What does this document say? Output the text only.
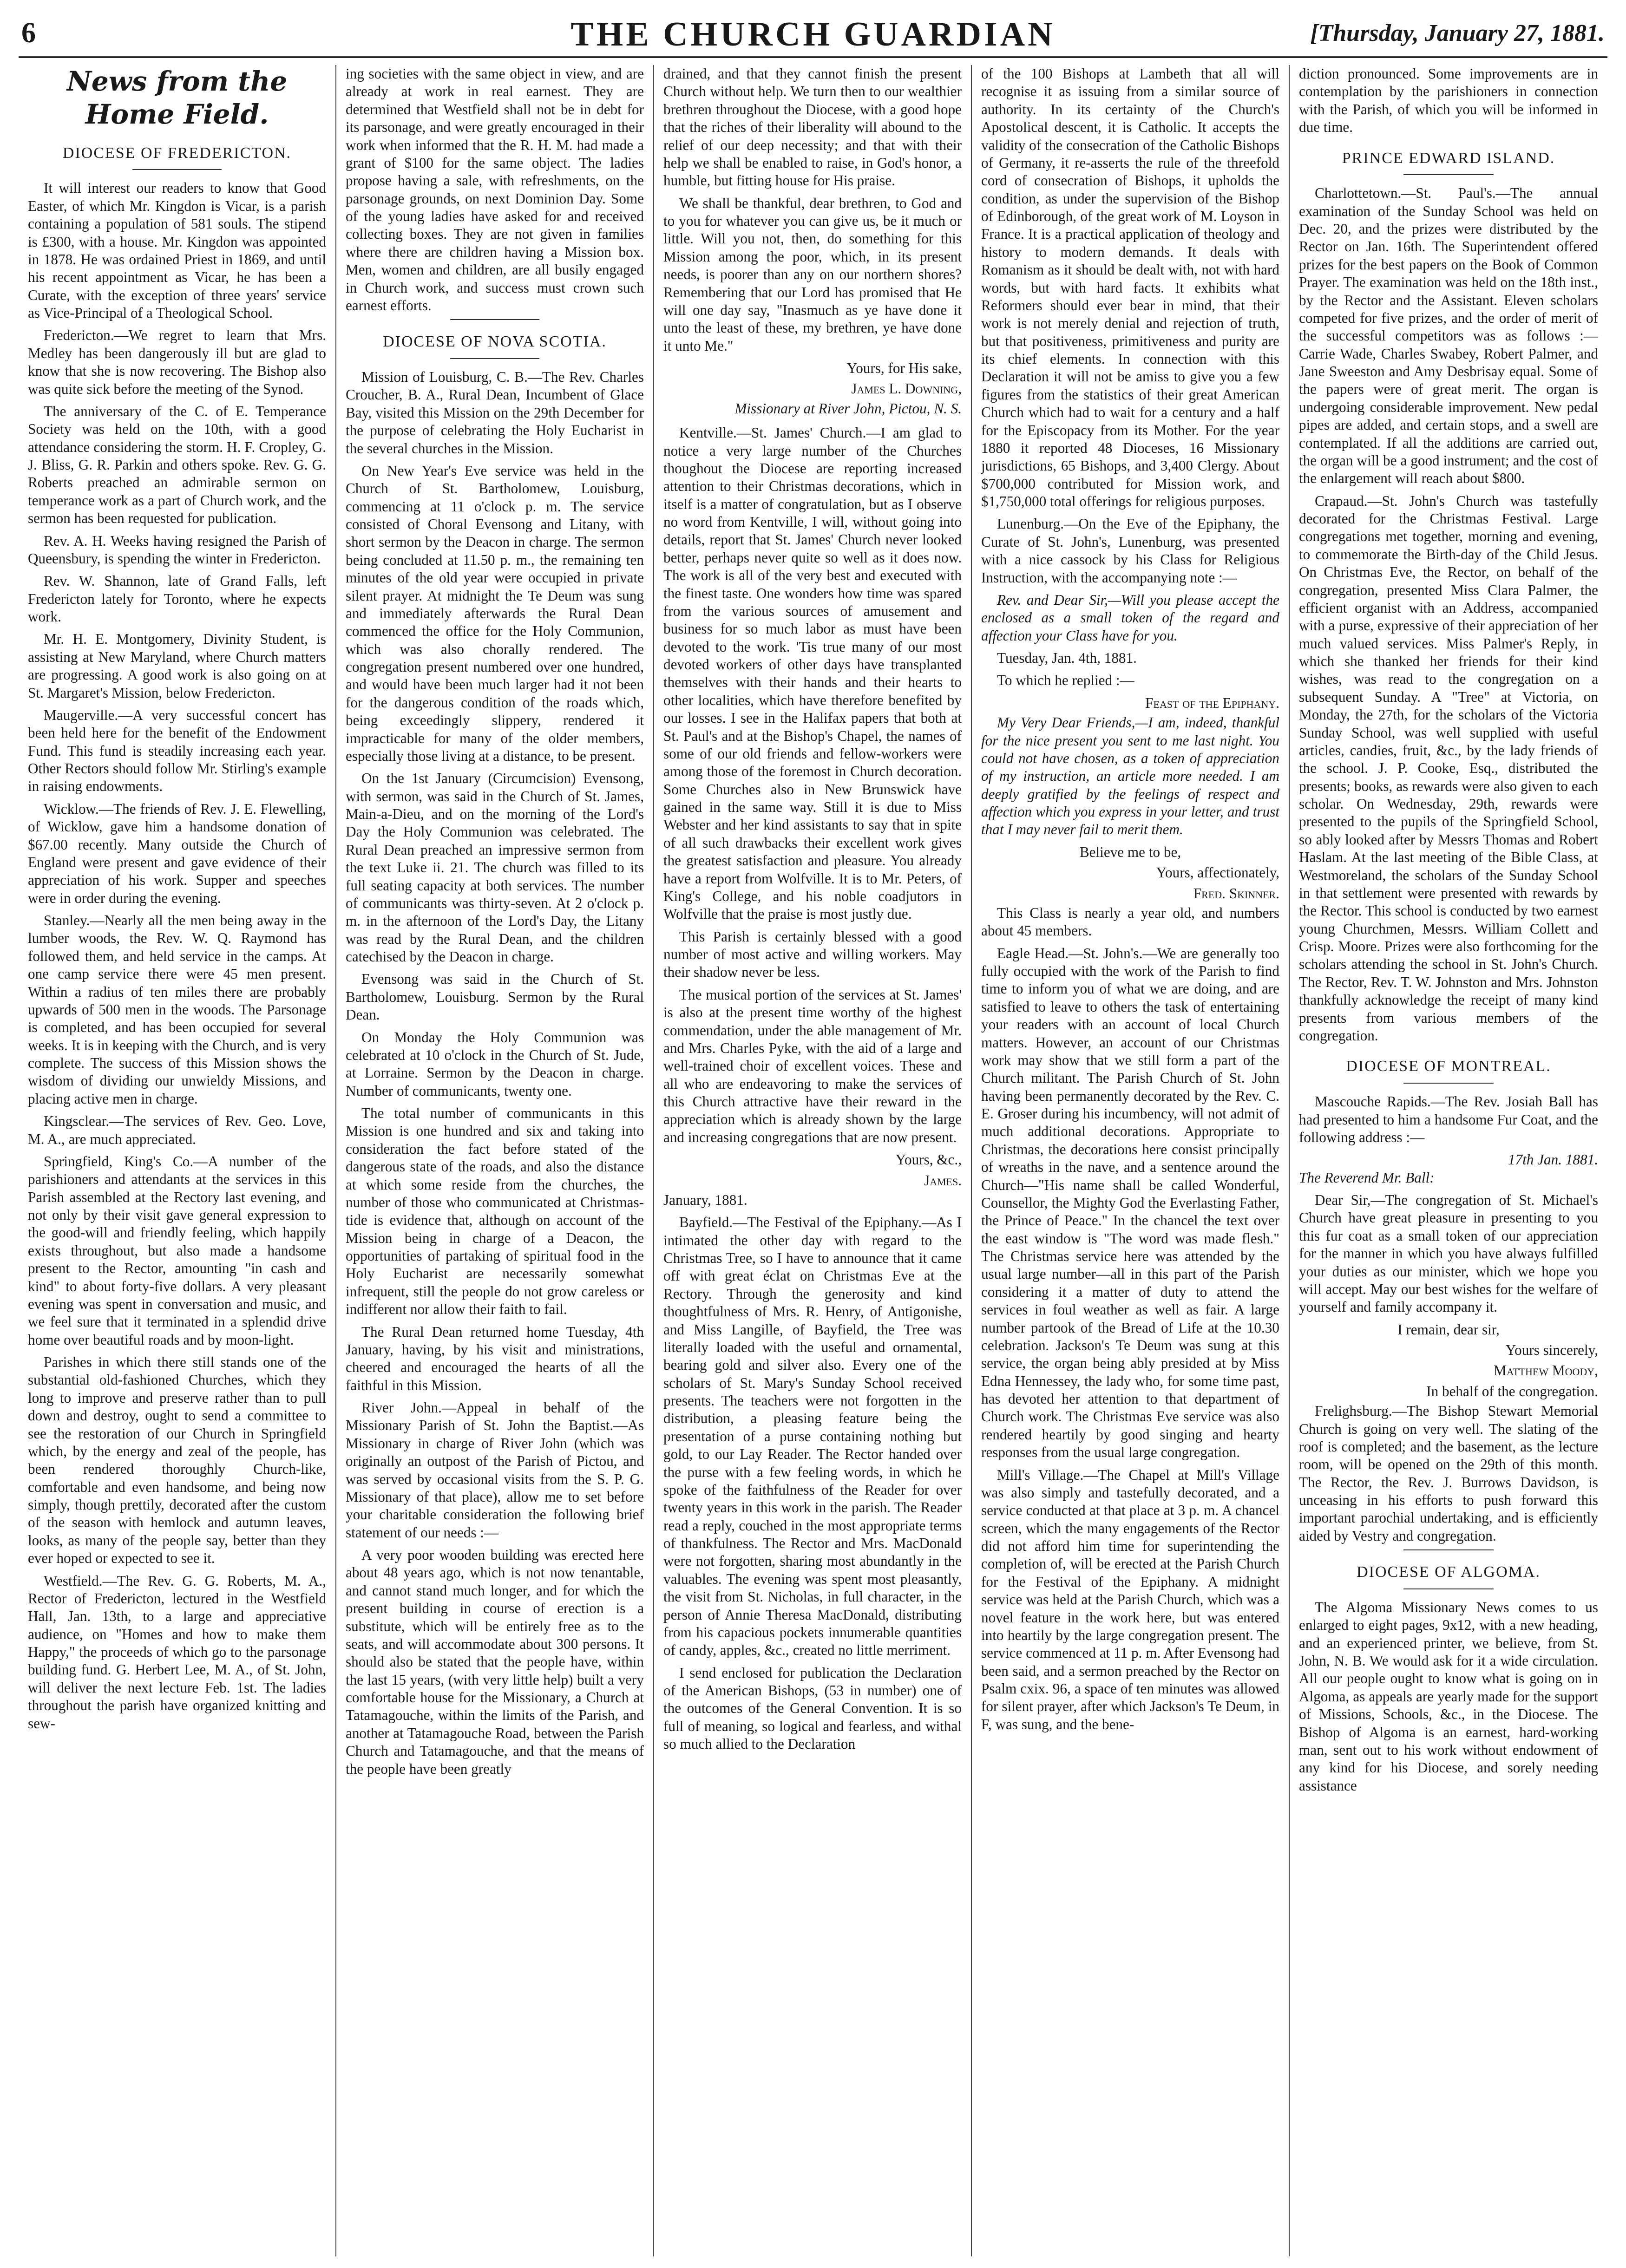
6	THE CHURCH GUARDIAN	[Thursday, January 27, 1881.
News from the Home Field.
DIOCESE OF FREDERICTON.

It will interest our readers to know that Good Easter, of which Mr. Kingdon is Vicar, is a parish containing a population of 581 souls. The stipend is £300, with a house. Mr. Kingdon was appointed in 1878. He was ordained Priest in 1869, and until his recent appointment as Vicar, he has been a Curate, with the exception of three years' service as Vice-Principal of a Theological School.

Fredericton.—We regret to learn that Mrs. Medley has been dangerously ill but are glad to know that she is now recovering. The Bishop also was quite sick before the meeting of the Synod.

The anniversary of the C. of E. Temperance Society was held on the 10th, with a good attendance considering the storm. H. F. Cropley, G. J. Bliss, G. R. Parkin and others spoke. Rev. G. G. Roberts preached an admirable sermon on temperance work as a part of Church work, and the sermon has been requested for publication.

Rev. A. H. Weeks having resigned the Parish of Queensbury, is spending the winter in Fredericton.

Rev. W. Shannon, late of Grand Falls, left Fredericton lately for Toronto, where he expects work.

Mr. H. E. Montgomery, Divinity Student, is assisting at New Maryland, where Church matters are progressing. A good work is also going on at St. Margaret's Mission, below Fredericton.

Maugerville.—A very successful concert has been held here for the benefit of the Endowment Fund. This fund is steadily increasing each year. Other Rectors should follow Mr. Stirling's example in raising endowments.

Wicklow.—The friends of Rev. J. E. Flewelling, of Wicklow, gave him a handsome donation of $67.00 recently. Many outside the Church of England were present and gave evidence of their appreciation of his work. Supper and speeches were in order during the evening.

Stanley.—Nearly all the men being away in the lumber woods, the Rev. W. Q. Raymond has followed them, and held service in the camps. At one camp service there were 45 men present. Within a radius of ten miles there are probably upwards of 500 men in the woods. The Parsonage is completed, and has been occupied for several weeks. It is in keeping with the Church, and is very complete. The success of this Mission shows the wisdom of dividing our unwieldy Missions, and placing active men in charge.

Kingsclear.—The services of Rev. Geo. Love, M. A., are much appreciated.

Springfield, King's Co.—A number of the parishioners and attendants at the services in this Parish assembled at the Rectory last evening, and not only by their visit gave general expression to the good-will and friendly feeling, which happily exists throughout, but also made a handsome present to the Rector, amounting "in cash and kind" to about forty-five dollars. A very pleasant evening was spent in conversation and music, and we feel sure that it terminated in a splendid drive home over beautiful roads and by moon-light.

Parishes in which there still stands one of the substantial old-fashioned Churches, which they long to improve and preserve rather than to pull down and destroy, ought to send a committee to see the restoration of our Church in Springfield which, by the energy and zeal of the people, has been rendered thoroughly Church-like, comfortable and even handsome, and being now simply, though prettily, decorated after the custom of the season with hemlock and autumn leaves, looks, as many of the people say, better than they ever hoped or expected to see it.

Westfield.—The Rev. G. G. Roberts, M. A., Rector of Fredericton, lectured in the Westfield Hall, Jan. 13th, to a large and appreciative audience, on "Homes and how to make them Happy," the proceeds of which go to the parsonage building fund. G. Herbert Lee, M. A., of St. John, will deliver the next lecture Feb. 1st. The ladies throughout the parish have organized knitting and sew-

ing societies with the same object in view, and are already at work in real earnest. They are determined that Westfield shall not be in debt for its parsonage, and were greatly encouraged in their work when informed that the R. H. M. had made a grant of $100 for the same object. The ladies propose having a sale, with refreshments, on the parsonage grounds, on next Dominion Day. Some of the young ladies have asked for and received collecting boxes. They are not given in families where there are children having a Mission box. Men, women and children, are all busily engaged in Church work, and success must crown such earnest efforts.

DIOCESE OF NOVA SCOTIA.

Mission of Louisburg, C. B.—The Rev. Charles Croucher, B. A., Rural Dean, Incumbent of Glace Bay, visited this Mission on the 29th December for the purpose of celebrating the Holy Eucharist in the several churches in the Mission.

On New Year's Eve service was held in the Church of St. Bartholomew, Louisburg, commencing at 11 o'clock p. m. The service consisted of Choral Evensong and Litany, with short sermon by the Deacon in charge. The sermon being concluded at 11.50 p. m., the remaining ten minutes of the old year were occupied in private silent prayer. At midnight the Te Deum was sung and immediately afterwards the Rural Dean commenced the office for the Holy Communion, which was also chorally rendered. The congregation present numbered over one hundred, and would have been much larger had it not been for the dangerous condition of the roads which, being exceedingly slippery, rendered it impracticable for many of the older members, especially those living at a distance, to be present.

On the 1st January (Circumcision) Evensong, with sermon, was said in the Church of St. James, Main-a-Dieu, and on the morning of the Lord's Day the Holy Communion was celebrated. The Rural Dean preached an impressive sermon from the text Luke ii. 21. The church was filled to its full seating capacity at both services. The number of communicants was thirty-seven. At 2 o'clock p. m. in the afternoon of the Lord's Day, the Litany was read by the Rural Dean, and the children catechised by the Deacon in charge.

Evensong was said in the Church of St. Bartholomew, Louisburg. Sermon by the Rural Dean.

On Monday the Holy Communion was celebrated at 10 o'clock in the Church of St. Jude, at Lorraine. Sermon by the Deacon in charge. Number of communicants, twenty one.

The total number of communicants in this Mission is one hundred and six and taking into consideration the fact before stated of the dangerous state of the roads, and also the distance at which some reside from the churches, the number of those who communicated at Christmas-tide is evidence that, although on account of the Mission being in charge of a Deacon, the opportunities of partaking of spiritual food in the Holy Eucharist are necessarily somewhat infrequent, still the people do not grow careless or indifferent nor allow their faith to fail.

The Rural Dean returned home Tuesday, 4th January, having, by his visit and ministrations, cheered and encouraged the hearts of all the faithful in this Mission.

River John.—Appeal in behalf of the Missionary Parish of St. John the Baptist.—As Missionary in charge of River John (which was originally an outpost of the Parish of Pictou, and was served by occasional visits from the S. P. G. Missionary of that place), allow me to set before your charitable consideration the following brief statement of our needs :—

A very poor wooden building was erected here about 48 years ago, which is not now tenantable, and cannot stand much longer, and for which the present building in course of erection is a substitute, which will be entirely free as to the seats, and will accommodate about 300 persons. It should also be stated that the people have, within the last 15 years, (with very little help) built a very comfortable house for the Missionary, a Church at Tatamagouche, within the limits of the Parish, and another at Tatamagouche Road, between the Parish Church and Tatamagouche, and that the means of the people have been greatly

drained, and that they cannot finish the present Church without help. We turn then to our wealthier brethren throughout the Diocese, with a good hope that the riches of their liberality will abound to the relief of our deep necessity; and that with their help we shall be enabled to raise, in God's honor, a humble, but fitting house for His praise.

We shall be thankful, dear brethren, to God and to you for whatever you can give us, be it much or little. Will you not, then, do something for this Mission among the poor, which, in its present needs, is poorer than any on our northern shores? Remembering that our Lord has promised that He will one day say, "Inasmuch as ye have done it unto the least of these, my brethren, ye have done it unto Me."

Yours, for His sake,
James L. Downing,
Missionary at River John, Pictou, N. S.

Kentville.—St. James' Church.—I am glad to notice a very large number of the Churches thoughout the Diocese are reporting increased attention to their Christmas decorations, which in itself is a matter of congratulation, but as I observe no word from Kentville, I will, without going into details, report that St. James' Church never looked better, perhaps never quite so well as it does now. The work is all of the very best and executed with the finest taste. One wonders how time was spared from the various sources of amusement and business for so much labor as must have been devoted to the work. 'Tis true many of our most devoted workers of other days have transplanted themselves with their hands and their hearts to other localities, which have therefore benefited by our losses. I see in the Halifax papers that both at St. Paul's and at the Bishop's Chapel, the names of some of our old friends and fellow-workers were among those of the foremost in Church decoration. Some Churches also in New Brunswick have gained in the same way. Still it is due to Miss Webster and her kind assistants to say that in spite of all such drawbacks their excellent work gives the greatest satisfaction and pleasure. You already have a report from Wolfville. It is to Mr. Peters, of King's College, and his noble coadjutors in Wolfville that the praise is most justly due.

This Parish is certainly blessed with a good number of most active and willing workers. May their shadow never be less.

The musical portion of the services at St. James' is also at the present time worthy of the highest commendation, under the able management of Mr. and Mrs. Charles Pyke, with the aid of a large and well-trained choir of excellent voices. These and all who are endeavoring to make the services of this Church attractive have their reward in the appreciation which is already shown by the large and increasing congregations that are now present.

Yours, &c.,
James.

January, 1881.

Bayfield.—The Festival of the Epiphany.—As I intimated the other day with regard to the Christmas Tree, so I have to announce that it came off with great éclat on Christmas Eve at the Rectory. Through the generosity and kind thoughtfulness of Mrs. R. Henry, of Antigonishe, and Miss Langille, of Bayfield, the Tree was literally loaded with the useful and ornamental, bearing gold and silver also. Every one of the scholars of St. Mary's Sunday School received presents. The teachers were not forgotten in the distribution, a pleasing feature being the presentation of a purse containing nothing but gold, to our Lay Reader. The Rector handed over the purse with a few feeling words, in which he spoke of the faithfulness of the Reader for over twenty years in this work in the parish. The Reader read a reply, couched in the most appropriate terms of thankfulness. The Rector and Mrs. MacDonald were not forgotten, sharing most abundantly in the valuables. The evening was spent most pleasantly, the visit from St. Nicholas, in full character, in the person of Annie Theresa MacDonald, distributing from his capacious pockets innumerable quantities of candy, apples, &c., created no little merriment.

I send enclosed for publication the Declaration of the American Bishops, (53 in number) one of the outcomes of the General Convention. It is so full of meaning, so logical and fearless, and withal so much allied to the Declaration

of the 100 Bishops at Lambeth that all will recognise it as issuing from a similar source of authority. In its certainty of the Church's Apostolical descent, it is Catholic. It accepts the validity of the consecration of the Catholic Bishops of Germany, it re-asserts the rule of the threefold cord of consecration of Bishops, it upholds the condition, as under the supervision of the Bishop of Edinborough, of the great work of M. Loyson in France. It is a practical application of theology and history to modern demands. It deals with Romanism as it should be dealt with, not with hard words, but with hard facts. It exhibits what Reformers should ever bear in mind, that their work is not merely denial and rejection of truth, but that positiveness, primitiveness and purity are its chief elements. In connection with this Declaration it will not be amiss to give you a few figures from the statistics of their great American Church which had to wait for a century and a half for the Episcopacy from its Mother. For the year 1880 it reported 48 Dioceses, 16 Missionary jurisdictions, 65 Bishops, and 3,400 Clergy. About $700,000 contributed for Mission work, and $1,750,000 total offerings for religious purposes.

Lunenburg.—On the Eve of the Epiphany, the Curate of St. John's, Lunenburg, was presented with a nice cassock by his Class for Religious Instruction, with the accompanying note :—

Rev. and Dear Sir,—Will you please accept the enclosed as a small token of the regard and affection your Class have for you.

Tuesday, Jan. 4th, 1881.

To which he replied :—

Feast of the Epiphany.

My Very Dear Friends,—I am, indeed, thankful for the nice present you sent to me last night. You could not have chosen, as a token of appreciation of my instruction, an article more needed. I am deeply gratified by the feelings of respect and affection which you express in your letter, and trust that I may never fail to merit them.

Believe me to be,
Yours, affectionately,
Fred. Skinner.

This Class is nearly a year old, and numbers about 45 members.

Eagle Head.—St. John's.—We are generally too fully occupied with the work of the Parish to find time to inform you of what we are doing, and are satisfied to leave to others the task of entertaining your readers with an account of local Church matters. However, an account of our Christmas work may show that we still form a part of the Church militant. The Parish Church of St. John having been permanently decorated by the Rev. C. E. Groser during his incumbency, will not admit of much additional decorations. Appropriate to Christmas, the decorations here consist principally of wreaths in the nave, and a sentence around the Church—"His name shall be called Wonderful, Counsellor, the Mighty God the Everlasting Father, the Prince of Peace." In the chancel the text over the east window is "The word was made flesh." The Christmas service here was attended by the usual large number—all in this part of the Parish considering it a matter of duty to attend the services in foul weather as well as fair. A large number partook of the Bread of Life at the 10.30 celebration. Jackson's Te Deum was sung at this service, the organ being ably presided at by Miss Edna Hennessey, the lady who, for some time past, has devoted her attention to that department of Church work. The Christmas Eve service was also rendered heartily by good singing and hearty responses from the usual large congregation.

Mill's Village.—The Chapel at Mill's Village was also simply and tastefully decorated, and a service conducted at that place at 3 p. m. A chancel screen, which the many engagements of the Rector did not afford him time for superintending the completion of, will be erected at the Parish Church for the Festival of the Epiphany. A midnight service was held at the Parish Church, which was a novel feature in the work here, but was entered into heartily by the large congregation present. The service commenced at 11 p. m. After Evensong had been said, and a sermon preached by the Rector on Psalm cxix. 96, a space of ten minutes was allowed for silent prayer, after which Jackson's Te Deum, in F, was sung, and the bene-

diction pronounced. Some improvements are in contemplation by the parishioners in connection with the Parish, of which you will be informed in due time.

PRINCE EDWARD ISLAND.

Charlottetown.—St. Paul's.—The annual examination of the Sunday School was held on Dec. 20, and the prizes were distributed by the Rector on Jan. 16th. The Superintendent offered prizes for the best papers on the Book of Common Prayer. The examination was held on the 18th inst., by the Rector and the Assistant. Eleven scholars competed for five prizes, and the order of merit of the successful competitors was as follows :—Carrie Wade, Charles Swabey, Robert Palmer, and Jane Sweeston and Amy Desbrisay equal. Some of the papers were of great merit. The organ is undergoing considerable improvement. New pedal pipes are added, and certain stops, and a swell are contemplated. If all the additions are carried out, the organ will be a good instrument; and the cost of the enlargement will reach about $800.

Crapaud.—St. John's Church was tastefully decorated for the Christmas Festival. Large congregations met together, morning and evening, to commemorate the Birth-day of the Child Jesus. On Christmas Eve, the Rector, on behalf of the congregation, presented Miss Clara Palmer, the efficient organist with an Address, accompanied with a purse, expressive of their appreciation of her much valued services. Miss Palmer's Reply, in which she thanked her friends for their kind wishes, was read to the congregation on a subsequent Sunday. A "Tree" at Victoria, on Monday, the 27th, for the scholars of the Victoria Sunday School, was well supplied with useful articles, candies, fruit, &c., by the lady friends of the school. J. P. Cooke, Esq., distributed the presents; books, as rewards were also given to each scholar. On Wednesday, 29th, rewards were presented to the pupils of the Springfield School, so ably looked after by Messrs Thomas and Robert Haslam. At the last meeting of the Bible Class, at Westmoreland, the scholars of the Sunday School in that settlement were presented with rewards by the Rector. This school is conducted by two earnest young Churchmen, Messrs. William Collett and Crisp. Moore. Prizes were also forthcoming for the scholars attending the school in St. John's Church. The Rector, Rev. T. W. Johnston and Mrs. Johnston thankfully acknowledge the receipt of many kind presents from various members of the congregation.

DIOCESE OF MONTREAL.

Mascouche Rapids.—The Rev. Josiah Ball has had presented to him a handsome Fur Coat, and the following address :—

17th Jan. 1881.

The Reverend Mr. Ball:

Dear Sir,—The congregation of St. Michael's Church have great pleasure in presenting to you this fur coat as a small token of our appreciation for the manner in which you have always fulfilled your duties as our minister, which we hope you will accept. May our best wishes for the welfare of yourself and family accompany it.

I remain, dear sir,
Yours sincerely,
Matthew Moody,
In behalf of the congregation.

Frelighsburg.—The Bishop Stewart Memorial Church is going on very well. The slating of the roof is completed; and the basement, as the lecture room, will be opened on the 29th of this month. The Rector, the Rev. J. Burrows Davidson, is unceasing in his efforts to push forward this important parochial undertaking, and is efficiently aided by Vestry and congregation.

DIOCESE OF ALGOMA.

The Algoma Missionary News comes to us enlarged to eight pages, 9x12, with a new heading, and an experienced printer, we believe, from St. John, N. B. We would ask for it a wide circulation. All our people ought to know what is going on in Algoma, as appeals are yearly made for the support of Missions, Schools, &c., in the Diocese. The Bishop of Algoma is an earnest, hard-working man, sent out to his work without endowment of any kind for his Diocese, and sorely needing assistance
